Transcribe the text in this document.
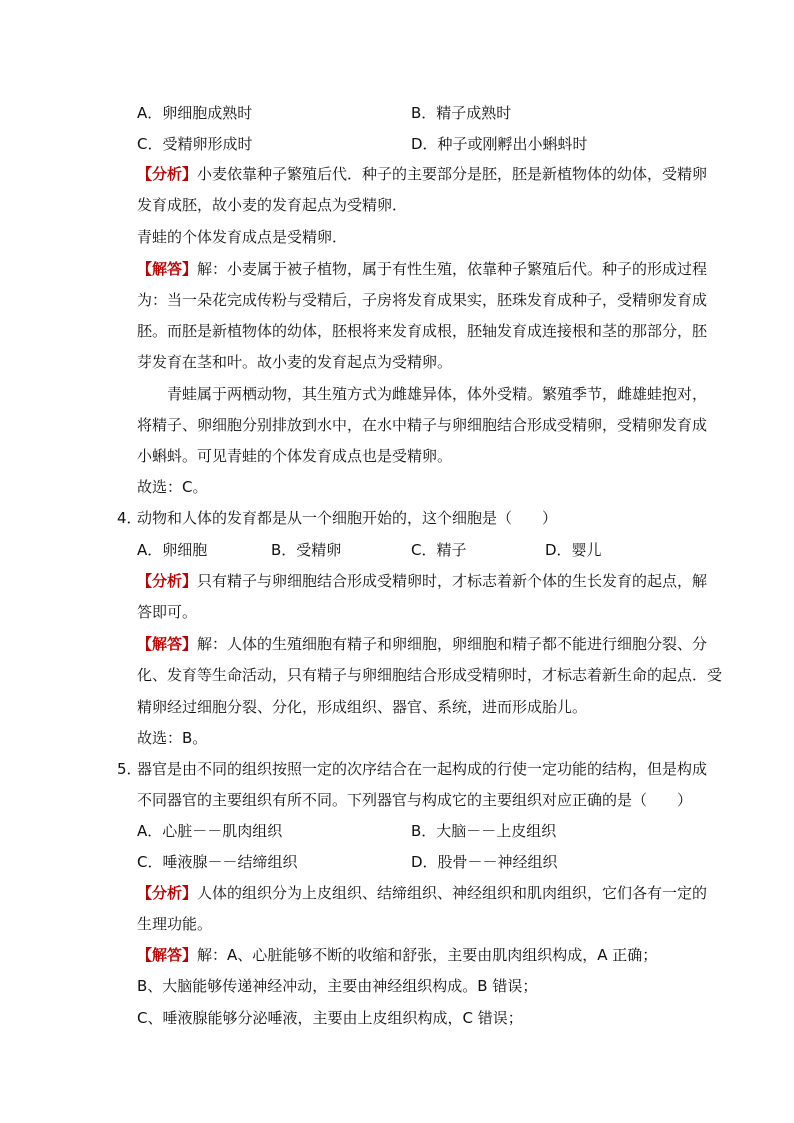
A．卵细胞成熟时	B．精子成熟时
C．受精卵形成时	D．种子或刚孵出小蝌蚪时
【分析】小麦依靠种子繁殖后代．种子的主要部分是胚，胚是新植物体的幼体，受精卵
发育成胚，故小麦的发育起点为受精卵．
青蛙的个体发育成点是受精卵．
【解答】解：小麦属于被子植物，属于有性生殖，依靠种子繁殖后代。种子的形成过程
为：当一朵花完成传粉与受精后，子房将发育成果实，胚珠发育成种子，受精卵发育成
胚。而胚是新植物体的幼体，胚根将来发育成根，胚轴发育成连接根和茎的那部分，胚
芽发育在茎和叶。故小麦的发育起点为受精卵。
青蛙属于两栖动物，其生殖方式为雌雄异体，体外受精。繁殖季节，雌雄蛙抱对，
将精子、卵细胞分别排放到水中，在水中精子与卵细胞结合形成受精卵，受精卵发育成
小蝌蚪。可见青蛙的个体发育成点也是受精卵。
故选：C。
4．
动物和人体的发育都是从一个细胞开始的，这个细胞是（　　）
A．卵细胞	B．受精卵	C．精子	D．婴儿
【分析】只有精子与卵细胞结合形成受精卵时，才标志着新个体的生长发育的起点，解
答即可。
【解答】解：人体的生殖细胞有精子和卵细胞，卵细胞和精子都不能进行细胞分裂、分
化、发育等生命活动，只有精子与卵细胞结合形成受精卵时，才标志着新生命的起点．受
精卵经过细胞分裂、分化，形成组织、器官、系统，进而形成胎儿。
故选：B。
5．
器官是由不同的组织按照一定的次序结合在一起构成的行使一定功能的结构，但是构成
不同器官的主要组织有所不同。下列器官与构成它的主要组织对应正确的是（　　）
A．心脏－－肌肉组织	B．大脑－－上皮组织
C．唾液腺－－结缔组织	D．股骨－－神经组织
【分析】人体的组织分为上皮组织、结缔组织、神经组织和肌肉组织，它们各有一定的
生理功能。
【解答】解：A、心脏能够不断的收缩和舒张，主要由肌肉组织构成，A 正确；
B、大脑能够传递神经冲动，主要由神经组织构成。B 错误；
C、唾液腺能够分泌唾液，主要由上皮组织构成，C 错误；
